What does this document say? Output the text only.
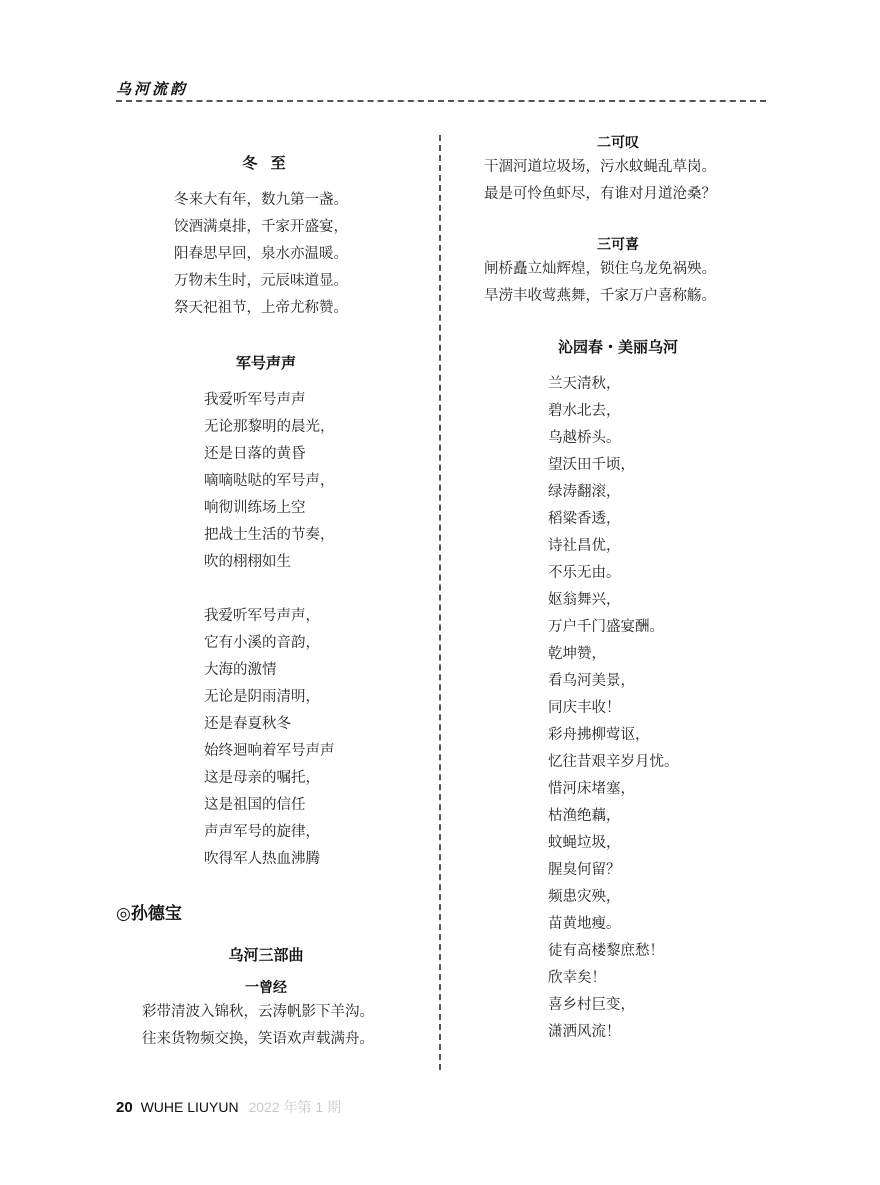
乌河流韵
冬 至
冬来大有年，数九第一盏。
饺酒满桌排，千家开盛宴，
阳春思早回，泉水亦温暖。
万物未生时，元辰味道显。
祭天祀祖节，上帝尤称赞。
军号声声
我爱听军号声声
无论那黎明的晨光，
还是日落的黄昏
嘀嘀哒哒的军号声，
响彻训练场上空
把战士生活的节奏，
吹的栩栩如生
我爱听军号声声，
它有小溪的音韵，
大海的激情
无论是阴雨清明，
还是春夏秋冬
始终迴响着军号声声
这是母亲的嘱托，
这是祖国的信任
声声军号的旋律，
吹得军人热血沸腾
◎孙德宝
乌河三部曲
一曾经
彩带清波入锦秋，云涛帆影下羊沟。
往来货物频交换，笑语欢声载满舟。
二可叹
干涸河道垃圾场，污水蚊蝇乱草岗。
最是可怜鱼虾尽，有谁对月道沧桑？
三可喜
闸桥矗立灿辉煌，锁住乌龙免祸殃。
旱涝丰收莺燕舞，千家万户喜称觞。
沁园春・美丽乌河
兰天清秋，
碧水北去，
乌越桥头。
望沃田千顷，
绿涛翻滚，
稻粱香透，
诗社昌优，
不乐无由。
妪翁舞兴，
万户千门盛宴酬。
乾坤赞，
看乌河美景，
同庆丰收！
彩舟拂柳莺讴，
忆往昔艰辛岁月忧。
惜河床堵塞，
枯渔绝藕，
蚊蝇垃圾，
腥臭何留？
频患灾殃，
苗黄地瘦。
徒有高楼黎庶愁！
欣幸矣！
喜乡村巨变，
潇洒风流！
20 WUHE LIUYUN 2022 年第 1 期
